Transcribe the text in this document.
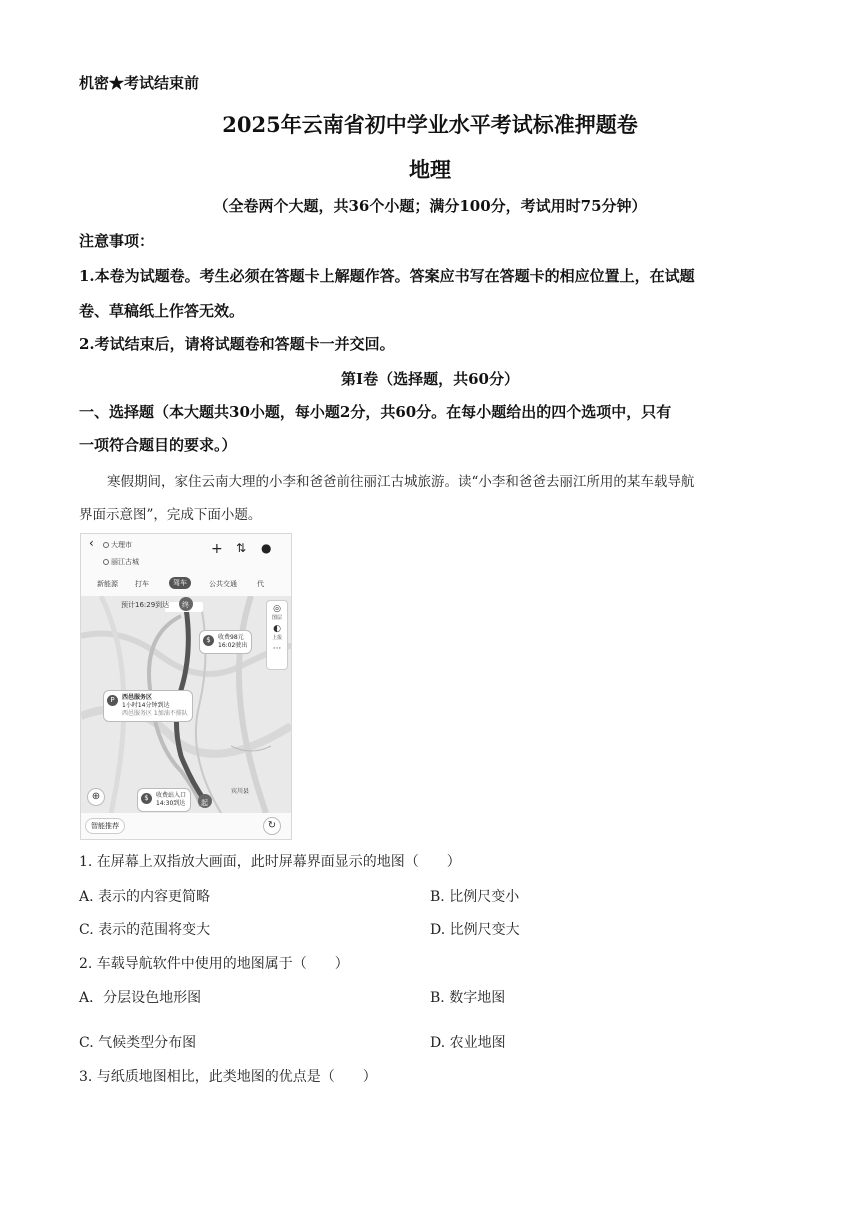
机密★考试结束前
2025年云南省初中学业水平考试标准押题卷
地理
（全卷两个大题，共36个小题；满分100分，考试用时75分钟）
注意事项：
1.本卷为试题卷。考生必须在答题卡上解题作答。答案应书写在答题卡的相应位置上，在试题
卷、草稿纸上作答无效。
2.考试结束后，请将试题卷和答题卡一并交回。
第Ⅰ卷（选择题，共60分）
一、选择题（本大题共30小题，每小题2分，共60分。在每小题给出的四个选项中，只有
一项符合题目的要求。）
寒假期间，家住云南大理的小李和爸爸前往丽江古城旅游。读“小李和爸爸去丽江所用的某车载导航
界面示意图”，完成下面小题。
‹ 大理市
丽江古城
+ ⇅ ●
新能源 打车	驾车	公共交通	代
预计16:29到达 终
起
宾川县
$	收费98元
16:02驶出
P	西邑服务区
1小时14分钟到达
西邑服务区 1加油不排队
$	收费站入口
14:30到达
◎
图层
◐
上报
···
⊕
智能推荐	↻
1. 在屏幕上双指放大画面，此时屏幕界面显示的地图（　　）
A. 表示的内容更简略	B. 比例尺变小
C. 表示的范围将变大	D. 比例尺变大
2. 车载导航软件中使用的地图属于（　　）
A．分层设色地形图	B. 数字地图
C. 气候类型分布图	D. 农业地图
3. 与纸质地图相比，此类地图的优点是（　　）
